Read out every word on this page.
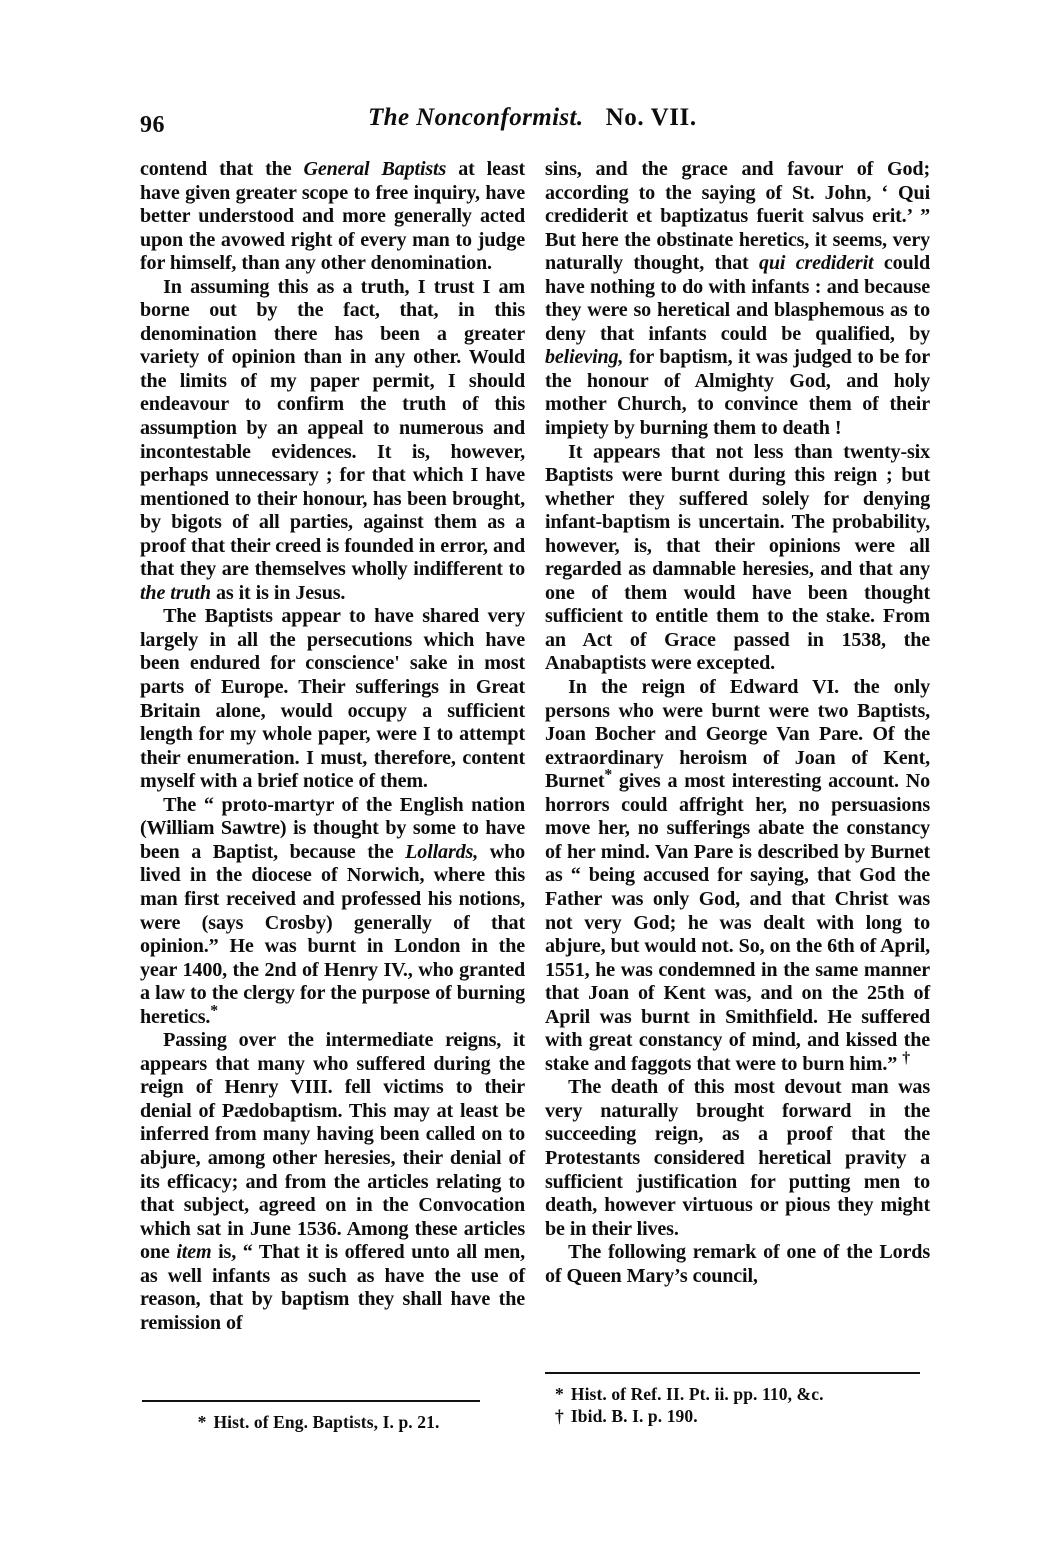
96	The Nonconformist. No. VII.

contend that the General Baptists at least have given greater scope to free inquiry, have better understood and more generally acted upon the avowed right of every man to judge for himself, than any other denomination.

In assuming this as a truth, I trust I am borne out by the fact, that, in this denomination there has been a greater variety of opinion than in any other. Would the limits of my paper permit, I should endeavour to confirm the truth of this assumption by an appeal to numerous and incontestable evidences. It is, however, perhaps unnecessary ; for that which I have mentioned to their honour, has been brought, by bigots of all parties, against them as a proof that their creed is founded in error, and that they are themselves wholly indifferent to the truth as it is in Jesus.

The Baptists appear to have shared very largely in all the persecutions which have been endured for conscience' sake in most parts of Europe. Their sufferings in Great Britain alone, would occupy a sufficient length for my whole paper, were I to attempt their enumeration. I must, therefore, content myself with a brief notice of them.

The “ proto-martyr of the English nation (William Sawtre) is thought by some to have been a Baptist, because the Lollards, who lived in the diocese of Norwich, where this man first received and professed his notions, were (says Crosby) generally of that opinion.” He was burnt in London in the year 1400, the 2nd of Henry IV., who granted a law to the clergy for the purpose of burning heretics.*

Passing over the intermediate reigns, it appears that many who suffered during the reign of Henry VIII. fell victims to their denial of Pædobaptism. This may at least be inferred from many having been called on to abjure, among other heresies, their denial of its efficacy; and from the articles relating to that subject, agreed on in the Convocation which sat in June 1536. Among these articles one item is, “ That it is offered unto all men, as well infants as such as have the use of reason, that by baptism they shall have the remission of

sins, and the grace and favour of God; according to the saying of St. John, ‘ Qui crediderit et baptizatus fuerit salvus erit.’ ” But here the obstinate heretics, it seems, very naturally thought, that qui crediderit could have nothing to do with infants : and because they were so heretical and blasphemous as to deny that infants could be qualified, by believing, for baptism, it was judged to be for the honour of Almighty God, and holy mother Church, to convince them of their impiety by burning them to death !

It appears that not less than twenty-six Baptists were burnt during this reign ; but whether they suffered solely for denying infant-baptism is uncertain. The probability, however, is, that their opinions were all regarded as damnable heresies, and that any one of them would have been thought sufficient to entitle them to the stake. From an Act of Grace passed in 1538, the Anabaptists were excepted.

In the reign of Edward VI. the only persons who were burnt were two Baptists, Joan Bocher and George Van Pare. Of the extraordinary heroism of Joan of Kent, Burnet* gives a most interesting account. No horrors could affright her, no persuasions move her, no sufferings abate the constancy of her mind. Van Pare is described by Burnet as “ being accused for saying, that God the Father was only God, and that Christ was not very God; he was dealt with long to abjure, but would not. So, on the 6th of April, 1551, he was condemned in the same manner that Joan of Kent was, and on the 25th of April was burnt in Smithfield. He suffered with great constancy of mind, and kissed the stake and faggots that were to burn him.” †

The death of this most devout man was very naturally brought forward in the succeeding reign, as a proof that the Protestants considered heretical pravity a sufficient justification for putting men to death, however virtuous or pious they might be in their lives.

The following remark of one of the Lords of Queen Mary’s council,

* Hist. of Eng. Baptists, I. p. 21.
* Hist. of Ref. II. Pt. ii. pp. 110, &c.
† Ibid. B. I. p. 190.
